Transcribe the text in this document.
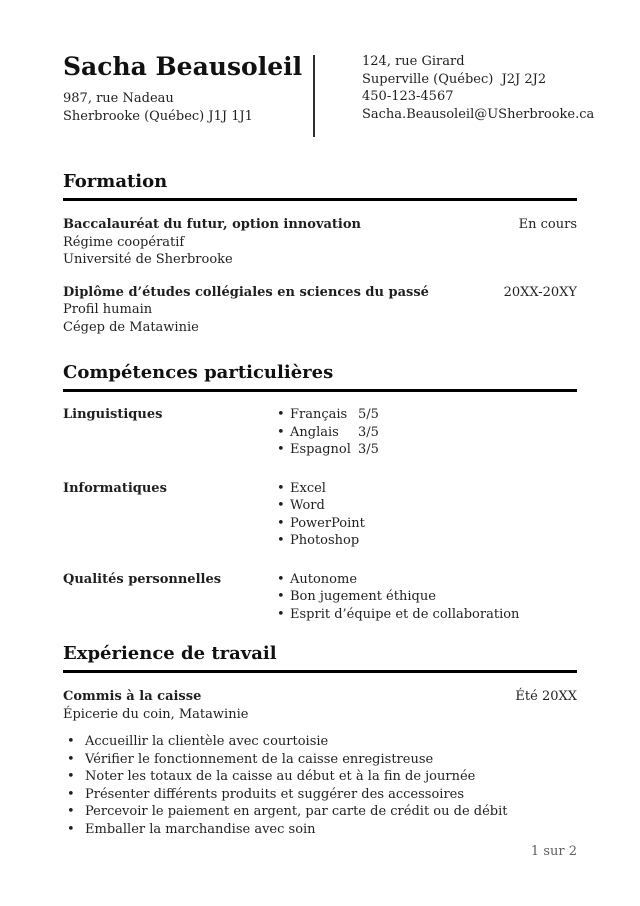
Sacha Beausoleil
987, rue Nadeau
Sherbrooke (Québec) J1J 1J1
124, rue Girard
Superville (Québec)  J2J 2J2
450-123-4567
Sacha.Beausoleil@USherbrooke.ca
Formation
Baccalauréat du futur, option innovation	En cours
Régime coopératif
Université de Sherbrooke
Diplôme d’études collégiales en sciences du passé	20XX-20XY
Profil humain
Cégep de Matawinie
Compétences particulières
Linguistiques	• Français 5/5
• Anglais 3/5
• Espagnol 3/5
Informatiques	• Excel
• Word
• PowerPoint
• Photoshop
Qualités personnelles	• Autonome
• Bon jugement éthique
• Esprit d’équipe et de collaboration
Expérience de travail
Commis à la caisse	Été 20XX
Épicerie du coin, Matawinie
• Accueillir la clientèle avec courtoisie
• Vérifier le fonctionnement de la caisse enregistreuse
• Noter les totaux de la caisse au début et à la fin de journée
• Présenter différents produits et suggérer des accessoires
• Percevoir le paiement en argent, par carte de crédit ou de débit
• Emballer la marchandise avec soin
1 sur 2
